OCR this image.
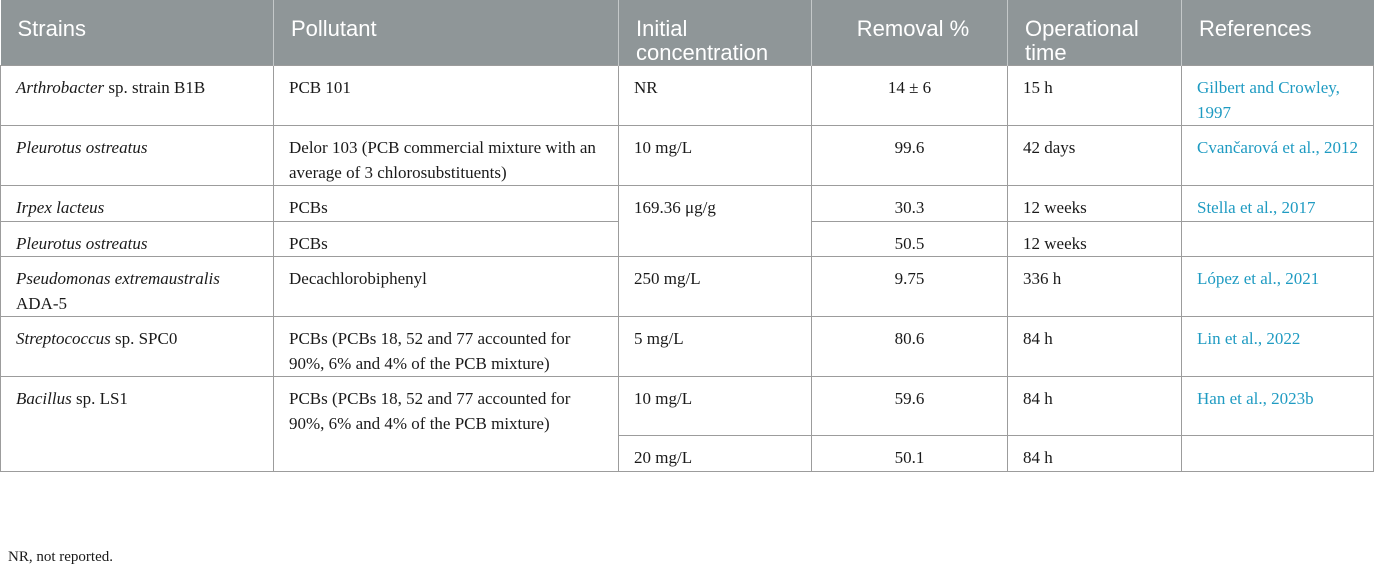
Strains	Pollutant	Initial concentration	Removal %	Operational time	References
Arthrobacter sp. strain B1B	PCB 101	NR	14 ± 6	15 h	Gilbert and Crowley, 1997
Pleurotus ostreatus	Delor 103 (PCB commercial mixture with an average of 3 chlorosubstituents)	10 mg/L	99.6	42 days	Cvančarová et al., 2012
Irpex lacteus	PCBs	169.36 μg/g	30.3	12 weeks	Stella et al., 2017
Pleurotus ostreatus	PCBs		50.5	12 weeks	
Pseudomonas extremaustralis ADA-5	Decachlorobiphenyl	250 mg/L	9.75	336 h	López et al., 2021
Streptococcus sp. SPC0	PCBs (PCBs 18, 52 and 77 accounted for 90%, 6% and 4% of the PCB mixture)	5 mg/L	80.6	84 h	Lin et al., 2022
Bacillus sp. LS1	PCBs (PCBs 18, 52 and 77 accounted for 90%, 6% and 4% of the PCB mixture)	10 mg/L	59.6	84 h	Han et al., 2023b
		20 mg/L	50.1	84 h	
NR, not reported.
